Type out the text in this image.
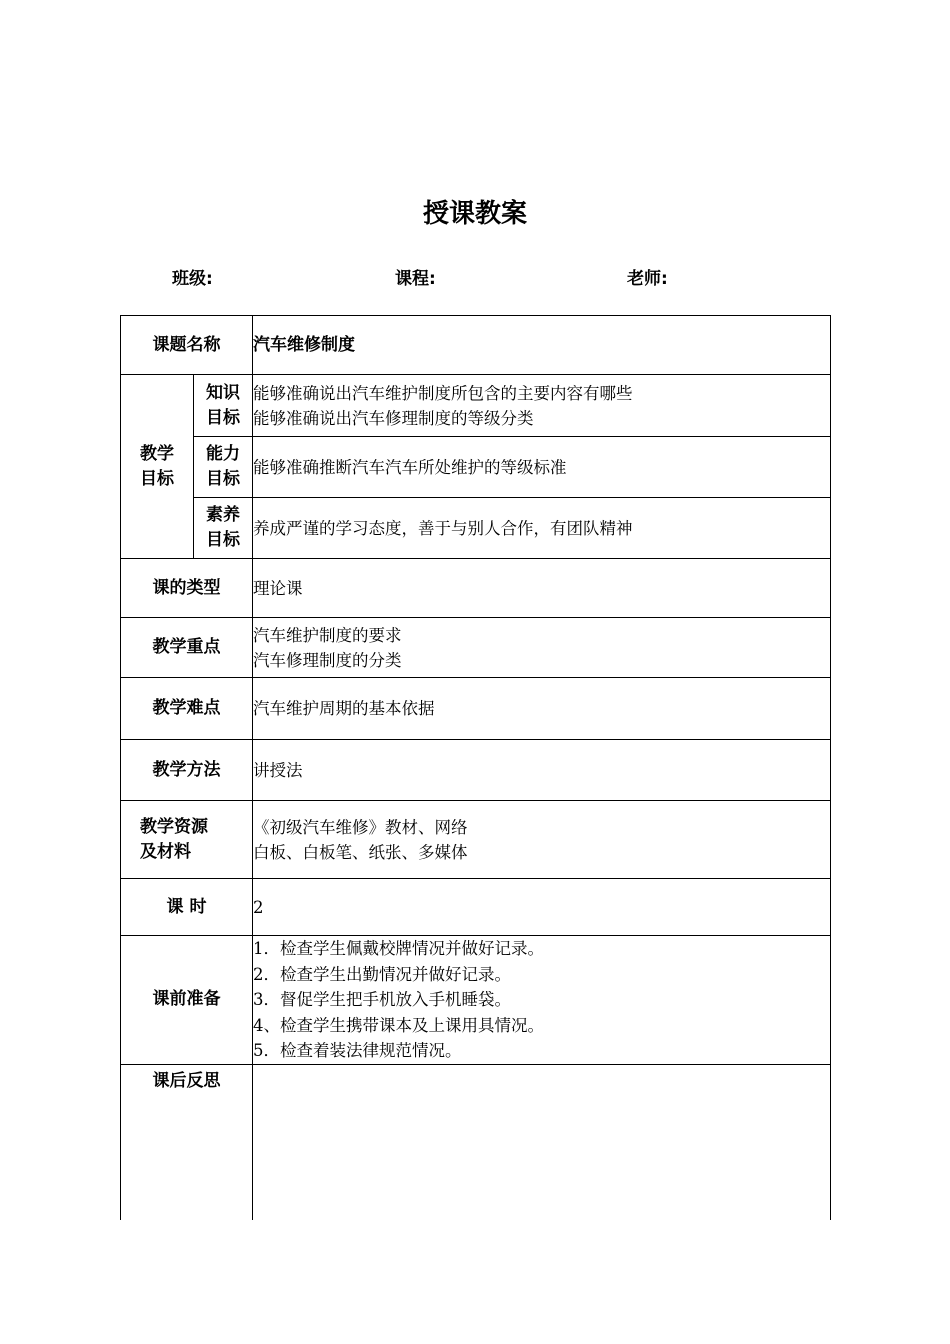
授课教案
班级:	课程:	老师:
课题名称		汽车维修制度
教学目标	知识目标	能够准确说出汽车维护制度所包含的主要内容有哪些
能够准确说出汽车修理制度的等级分类

	能力目标	能够准确推断汽车汽车所处维护的等级标准

	素养目标	养成严谨的学习态度，善于与别人合作，有团队精神

课的类型		理论课
教学重点		汽车维护制度的要求
汽车修理制度的分类

教学难点		汽车维护周期的基本依据
教学方法		讲授法
教学资源及材料		《初级汽车维修》教材、网络
白板、白板笔、纸张、多媒体

课 时		2
课前准备		1．检查学生佩戴校牌情况并做好记录。
2．检查学生出勤情况并做好记录。
3．督促学生把手机放入手机睡袋。
4、检查学生携带课本及上课用具情况。
5．检查着装法律规范情况。

课后反思		
